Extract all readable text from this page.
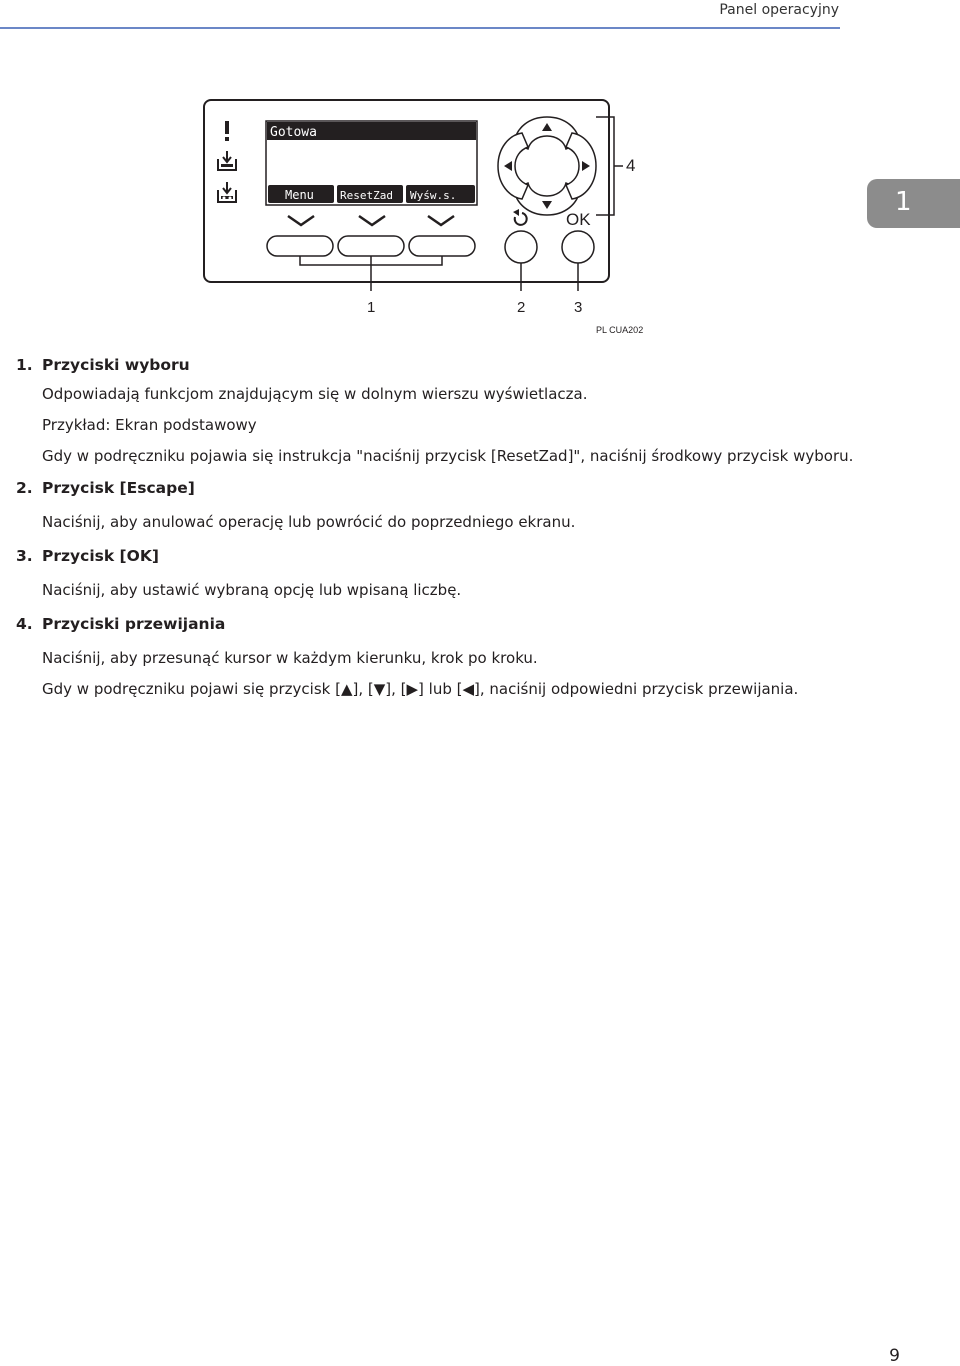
Panel operacyjny
1
Gotowa
Menu ResetZad Wyśw.s.
4
OK
1	2	3
PL CUA202
1. Przyciski wyboru
Odpowiadają funkcjom znajdującym się w dolnym wierszu wyświetlacza.
Przykład: Ekran podstawowy
Gdy w podręczniku pojawia się instrukcja "naciśnij przycisk [ResetZad]", naciśnij środkowy przycisk wyboru.
2. Przycisk [Escape]
Naciśnij, aby anulować operację lub powrócić do poprzedniego ekranu.
3. Przycisk [OK]
Naciśnij, aby ustawić wybraną opcję lub wpisaną liczbę.
4. Przyciski przewijania
Naciśnij, aby przesunąć kursor w każdym kierunku, krok po kroku.
Gdy w podręczniku pojawi się przycisk [▲], [▼], [▶] lub [◀], naciśnij odpowiedni przycisk przewijania.
9
